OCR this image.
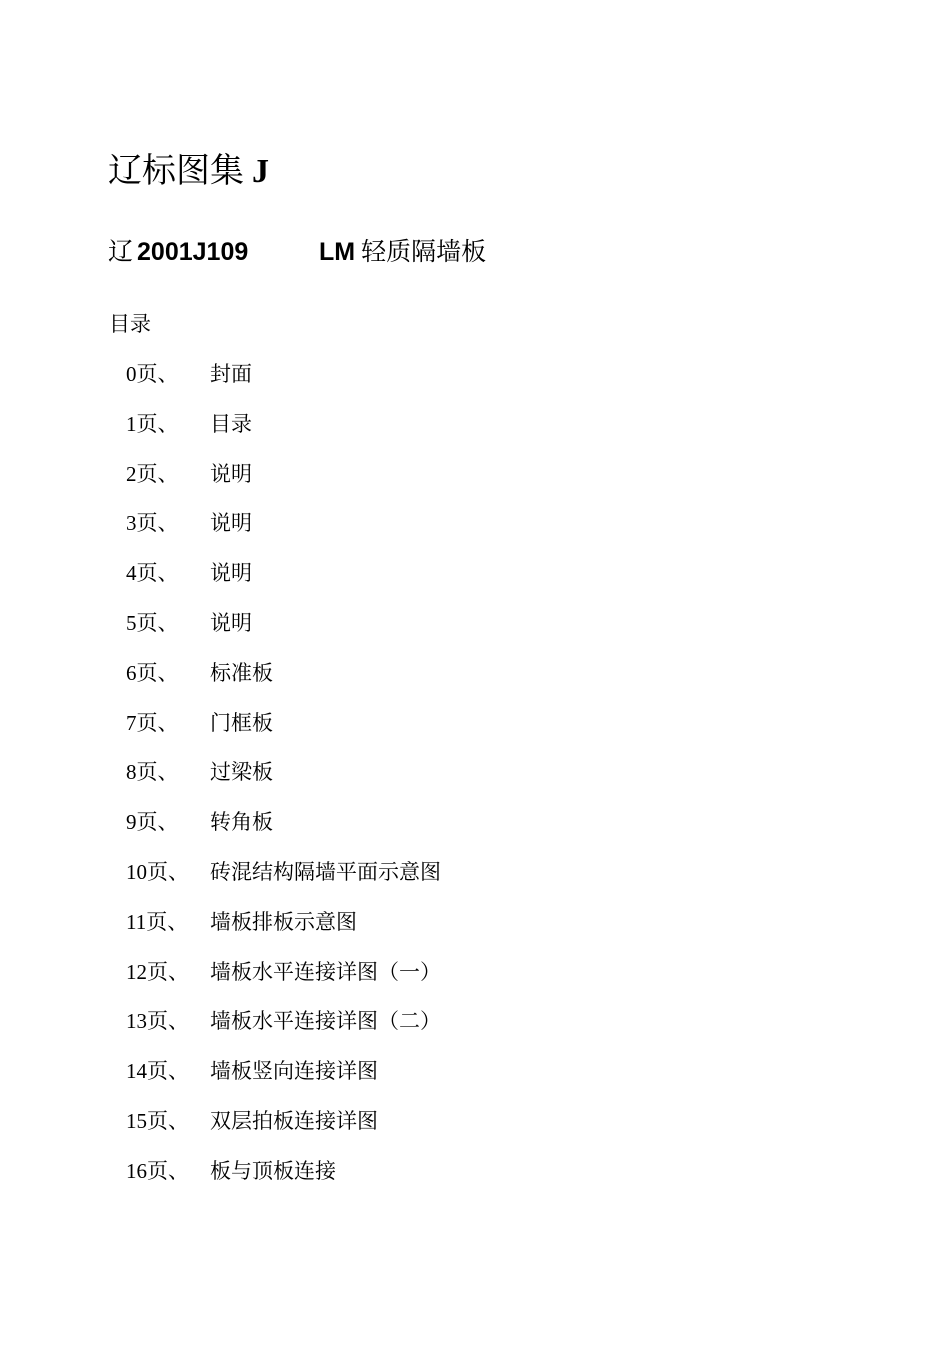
辽标图集 J
辽 2001J109	LM 轻质隔墙板
目录
0页、 封面
1页、 目录
2页、 说明
3页、 说明
4页、 说明
5页、 说明
6页、 标准板
7页、 门框板
8页、 过梁板
9页、 转角板
10页、 砖混结构隔墙平面示意图
11页、 墙板排板示意图
12页、 墙板水平连接详图（一）
13页、 墙板水平连接详图（二）
14页、 墙板竖向连接详图
15页、 双层拍板连接详图
16页、 板与顶板连接
